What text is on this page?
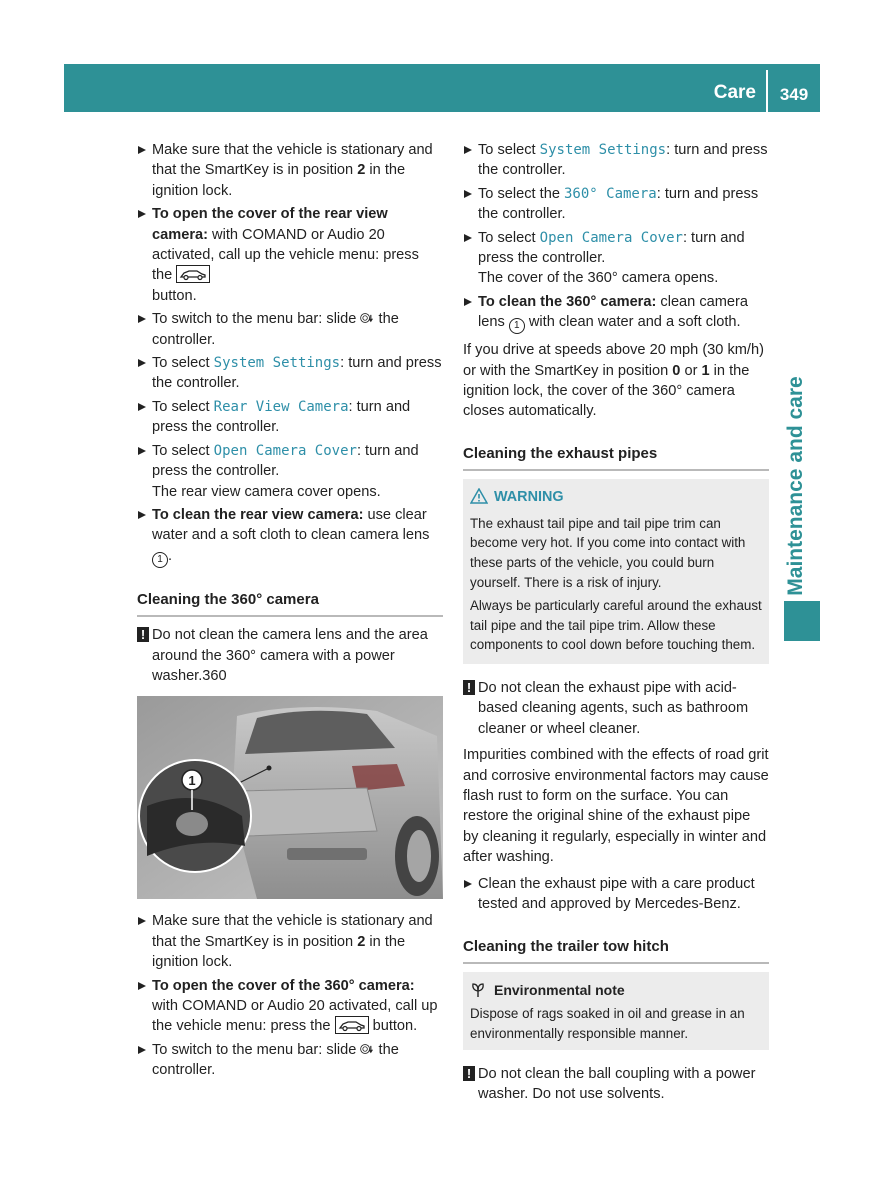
Care	349
Maintenance and care
Make sure that the vehicle is stationary and that the SmartKey is in position 2 in the ignition lock.
To open the cover of the rear view camera: with COMAND or Audio 20 activated, call up the vehicle menu: press the
button.
To switch to the menu bar: slide  the controller.
To select System Settings: turn and press the controller.
To select Rear View Camera: turn and press the controller.
To select Open Camera Cover: turn and press the controller.
The rear view camera cover opens.
To clean the rear view camera: use clear water and a soft cloth to clean camera lens 1 .
Cleaning the 360° camera
! Do not clean the camera lens and the area around the 360° camera with a power washer.360
1
Make sure that the vehicle is stationary and that the SmartKey is in position 2 in the ignition lock.
To open the cover of the 360° camera: with COMAND or Audio 20 activated, call up the vehicle menu: press the  button.
To switch to the menu bar: slide  the controller.
To select System Settings: turn and press the controller.
To select the 360° Camera: turn and press the controller.
To select Open Camera Cover: turn and press the controller.
The cover of the 360° camera opens.
To clean the 360° camera: clean camera lens 1 with clean water and a soft cloth.
If you drive at speeds above 20 mph (30 km/h) or with the SmartKey in position 0 or 1 in the ignition lock, the cover of the 360° camera closes automatically.
Cleaning the exhaust pipes
WARNING

The exhaust tail pipe and tail pipe trim can become very hot. If you come into contact with these parts of the vehicle, you could burn yourself. There is a risk of injury.

Always be particularly careful around the exhaust tail pipe and the tail pipe trim. Allow these components to cool down before touching them.

! Do not clean the exhaust pipe with acid-based cleaning agents, such as bathroom cleaner or wheel cleaner.
Impurities combined with the effects of road grit and corrosive environmental factors may cause flash rust to form on the surface. You can restore the original shine of the exhaust pipe by cleaning it regularly, especially in winter and after washing.
Clean the exhaust pipe with a care product tested and approved by Mercedes-Benz.
Cleaning the trailer tow hitch
Environmental note
Dispose of rags soaked in oil and grease in an environmentally responsible manner.
! Do not clean the ball coupling with a power washer. Do not use solvents.
